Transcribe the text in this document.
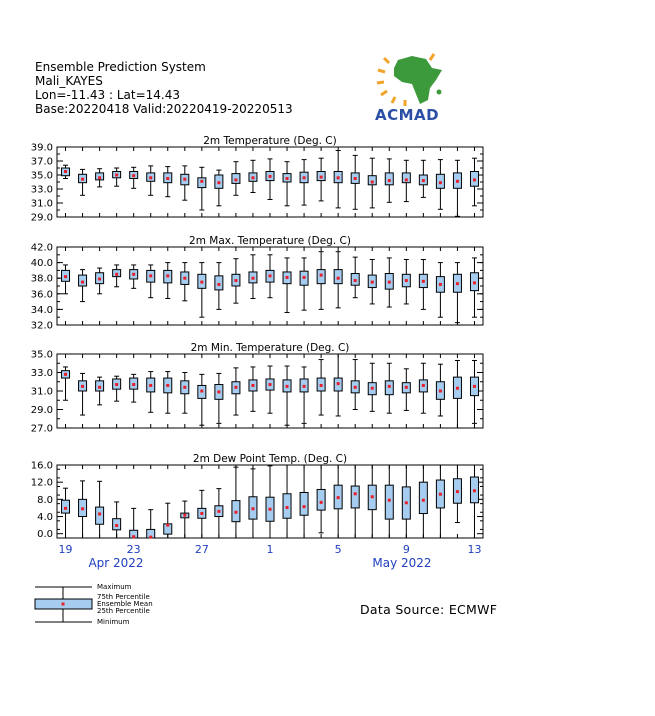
Ensemble Prediction System
Mali_KAYES
Lon=-11.43 : Lat=14.43
Base:20220418 Valid:20220419-20220513	ACMAD
2m Temperature (Deg. C)
39.0
37.0
35.0
33.0
31.0
29.0
2m Max. Temperature (Deg. C)
42.0
40.0
38.0
36.0
34.0
32.0
2m Min. Temperature (Deg. C)
35.0
33.0
31.0
29.0
27.0
2m Dew Point Temp. (Deg. C)
16.0
12.0
8.0
4.0
0.0
19	23	27	1	5	9	13
Apr 2022	May 2022
Maximum
75th Percentile
Ensemble Mean
25th Percentile
Minimum
Data Source: ECMWF
